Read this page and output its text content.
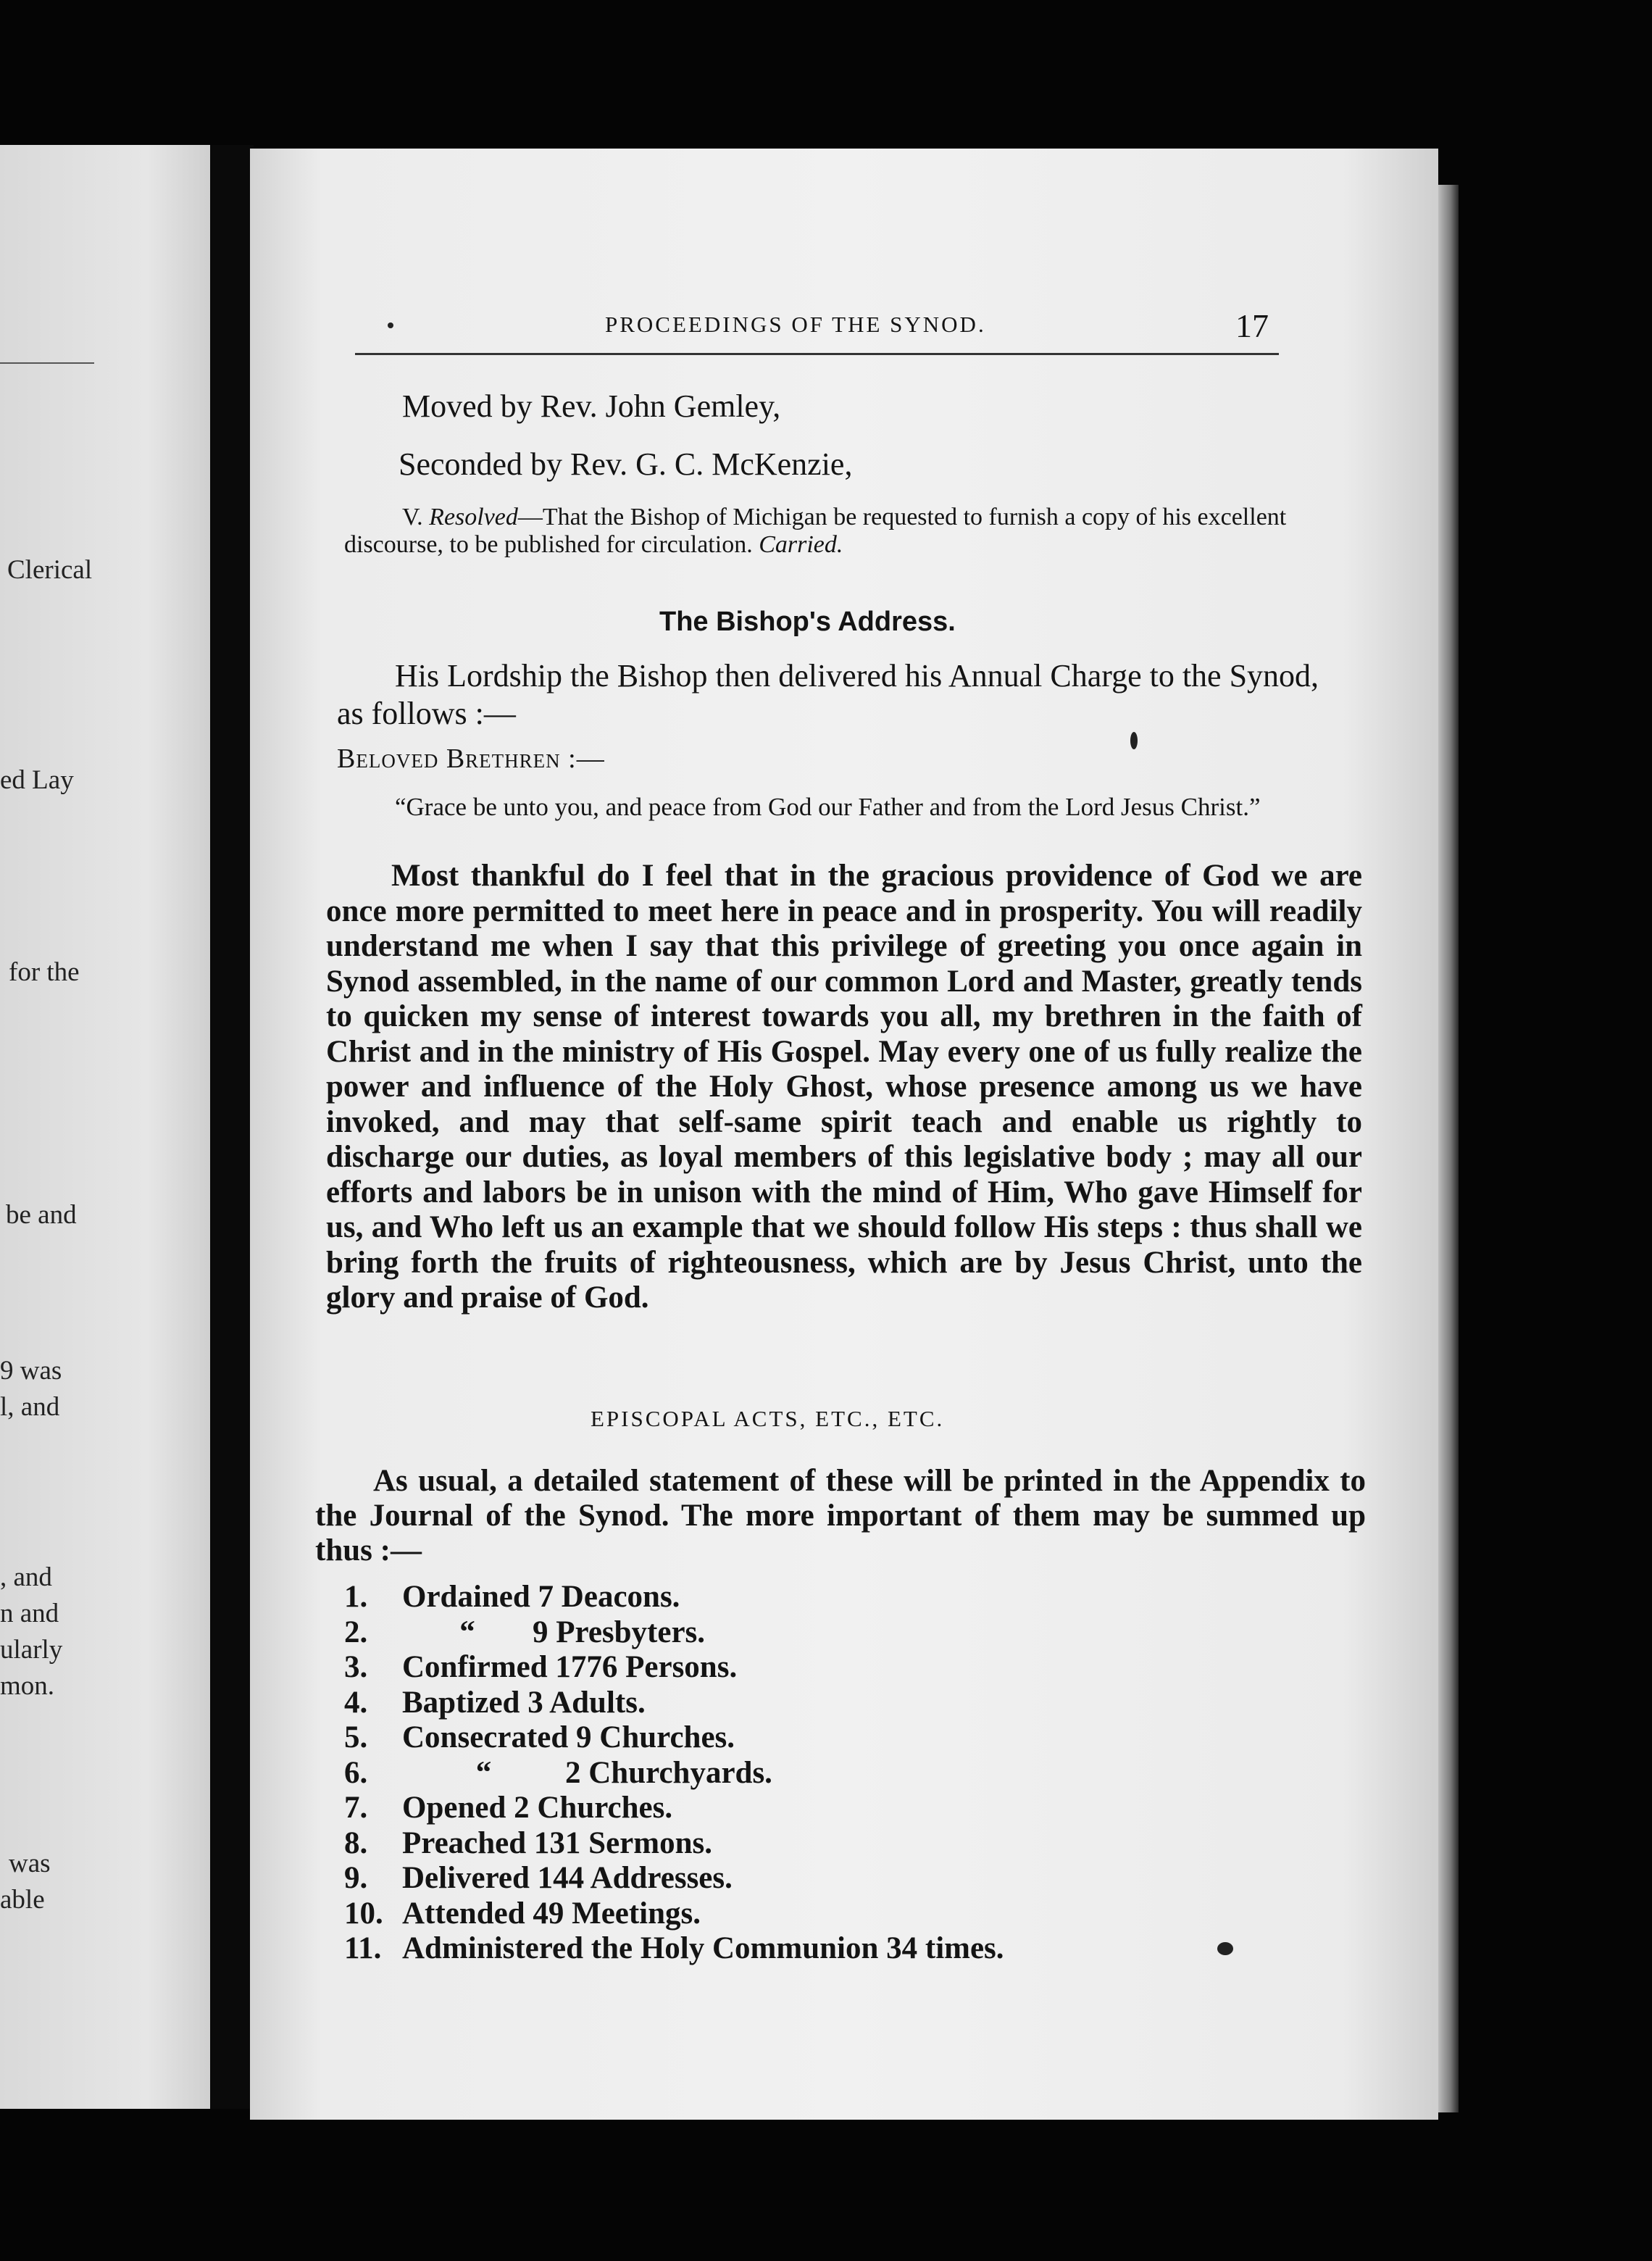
Clerical
ed Lay
for the
be and
9 was
l, and
, and
n and
ularly
mon.
was
able
PROCEEDINGS OF THE SYNOD.	17
Moved by Rev. John Gemley,
Seconded by Rev. G. C. McKenzie,
V. Resolved—That the Bishop of Michigan be requested to furnish a copy of his excellent discourse, to be published for circulation. Carried.
The Bishop's Address.
His Lordship the Bishop then delivered his Annual Charge to the Synod, as follows :—
Beloved Brethren :—
“Grace be unto you, and peace from God our Father and from the Lord Jesus Christ.”
Most thankful do I feel that in the gracious providence of God we are once more permitted to meet here in peace and in prosperity. You will readily understand me when I say that this privilege of greeting you once again in Synod assembled, in the name of our common Lord and Master, greatly tends to quicken my sense of interest towards you all, my brethren in the faith of Christ and in the ministry of His Gospel. May every one of us fully realize the power and influence of the Holy Ghost, whose presence among us we have invoked, and may that self-same spirit teach and enable us rightly to discharge our duties, as loyal members of this legislative body ; may all our efforts and labors be in unison with the mind of Him, Who gave Himself for us, and Who left us an example that we should follow His steps : thus shall we bring forth the fruits of righteousness, which are by Jesus Christ, unto the glory and praise of God.
EPISCOPAL ACTS, ETC., ETC.
As usual, a detailed statement of these will be printed in the Appendix to the Journal of the Synod. The more important of them may be summed up thus :—
1. Ordained 7 Deacons.
2.	“ 9 Presbyters.
3. Confirmed 1776 Persons.
4. Baptized 3 Adults.
5. Consecrated 9 Churches.
6.	“ 2 Churchyards.
7. Opened 2 Churches.
8. Preached 131 Sermons.
9. Delivered 144 Addresses.
10. Attended 49 Meetings.
11. Administered the Holy Communion 34 times.
